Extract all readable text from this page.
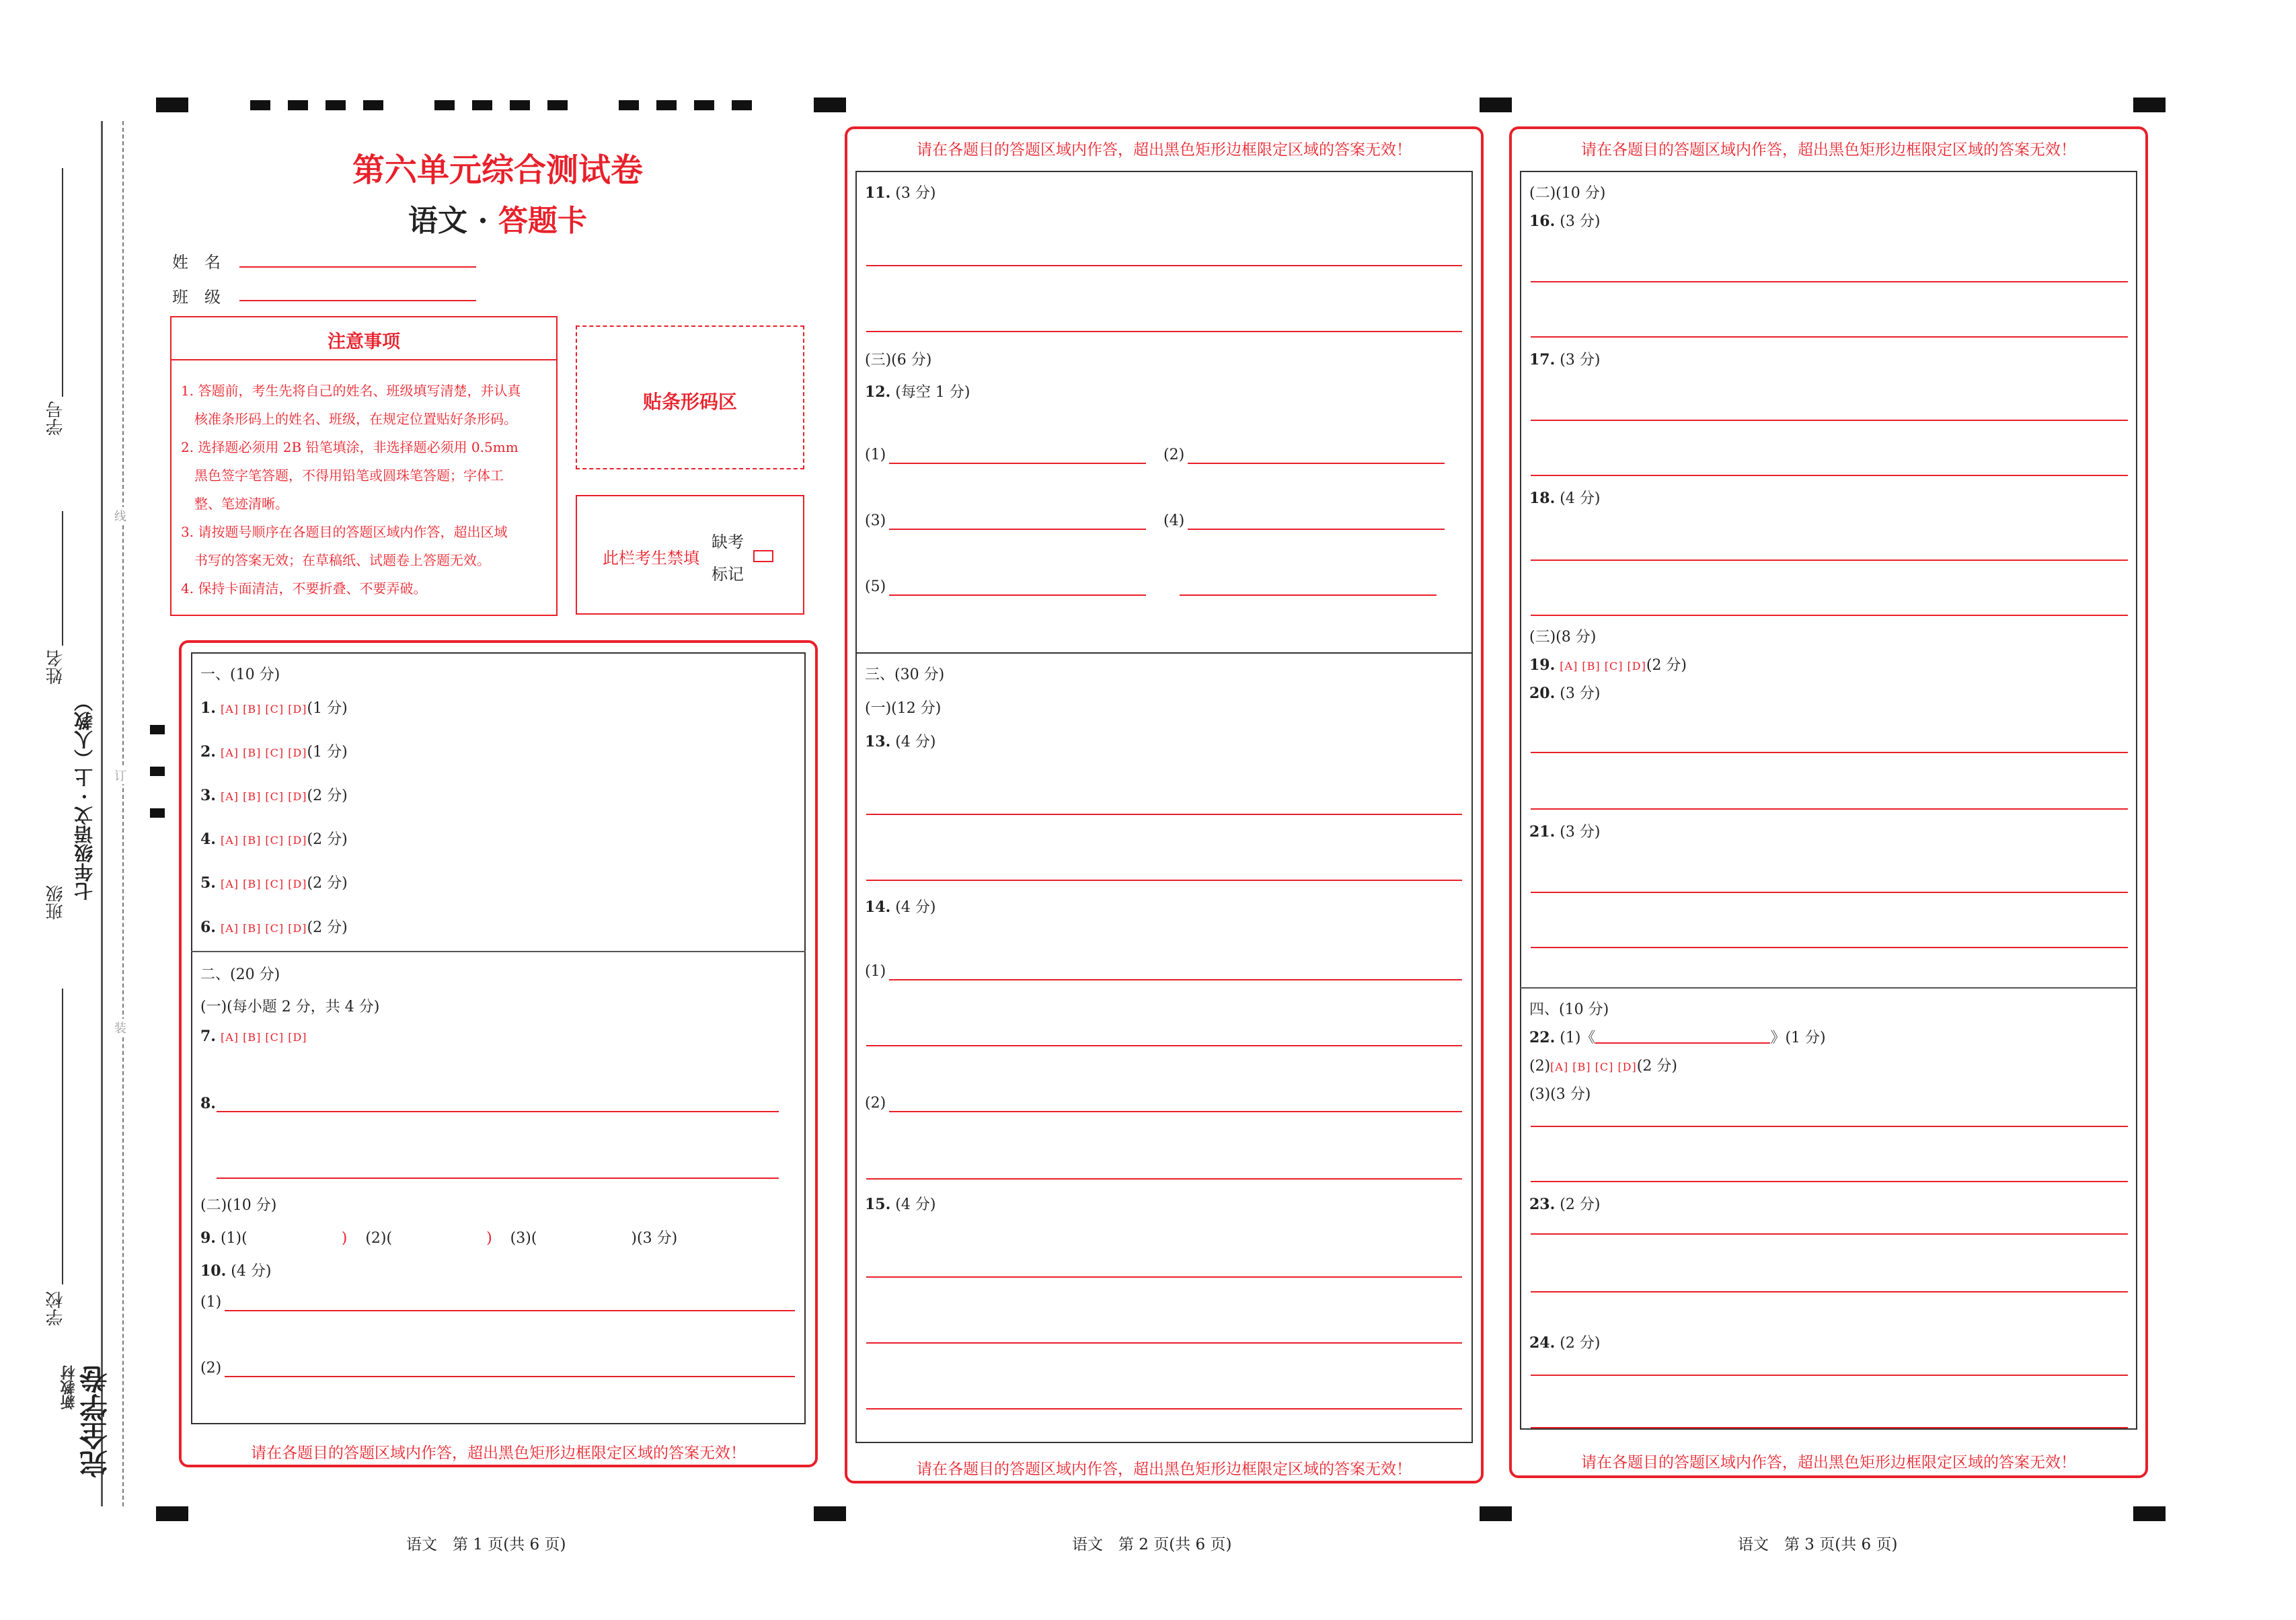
学号
姓名
七年级语文 · 上（人教）
班级
学校
线
订
装
新教材 完全学卷
第六单元综合测试卷
语文 · 答题卡
姓　名
班　级
注意事项
1. 答题前，考生先将自己的姓名、班级填写清楚，并认真
　核准条形码上的姓名、班级，在规定位置贴好条形码。
2. 选择题必须用 2B 铅笔填涂，非选择题必须用 0.5mm
　黑色签字笔答题，不得用铅笔或圆珠笔答题；字体工
　整、笔迹清晰。
3. 请按题号顺序在各题目的答题区域内作答，超出区域
　书写的答案无效；在草稿纸、试题卷上答题无效。
4. 保持卡面清洁，不要折叠、不要弄破。
贴条形码区
此栏考生禁填
缺考
标记
一、(10 分)
1. [A] [B] [C] [D](1 分)
2. [A] [B] [C] [D](1 分)
3. [A] [B] [C] [D](2 分)
4. [A] [B] [C] [D](2 分)
5. [A] [B] [C] [D](2 分)
6. [A] [B] [C] [D](2 分)
二、(20 分)
(一)(每小题 2 分，共 4 分)
7. [A] [B] [C] [D]
8.
(二)(10 分)
9. (1)(	) (2)(	) (3)(	)(3 分)
10. (4 分)
(1)
(2)
请在各题目的答题区域内作答，超出黑色矩形边框限定区域的答案无效！
请在各题目的答题区域内作答，超出黑色矩形边框限定区域的答案无效！
11. (3 分)
(三)(6 分)
12. (每空 1 分)
(1)	(2)
(3)	(4)
(5)
三、(30 分)
(一)(12 分)
13. (4 分)
14. (4 分)
(1)
(2)
15. (4 分)
请在各题目的答题区域内作答，超出黑色矩形边框限定区域的答案无效！
请在各题目的答题区域内作答，超出黑色矩形边框限定区域的答案无效！
(二)(10 分)
16. (3 分)
17. (3 分)
18. (4 分)
(三)(8 分)
19. [A] [B] [C] [D](2 分)
20. (3 分)
21. (3 分)
四、(10 分)
22. (1)《	》(1 分)
(2)[A] [B] [C] [D](2 分)
(3)(3 分)
23. (2 分)
24. (2 分)
请在各题目的答题区域内作答，超出黑色矩形边框限定区域的答案无效！
语文　第 1 页(共 6 页)	语文　第 2 页(共 6 页)	语文　第 3 页(共 6 页)
